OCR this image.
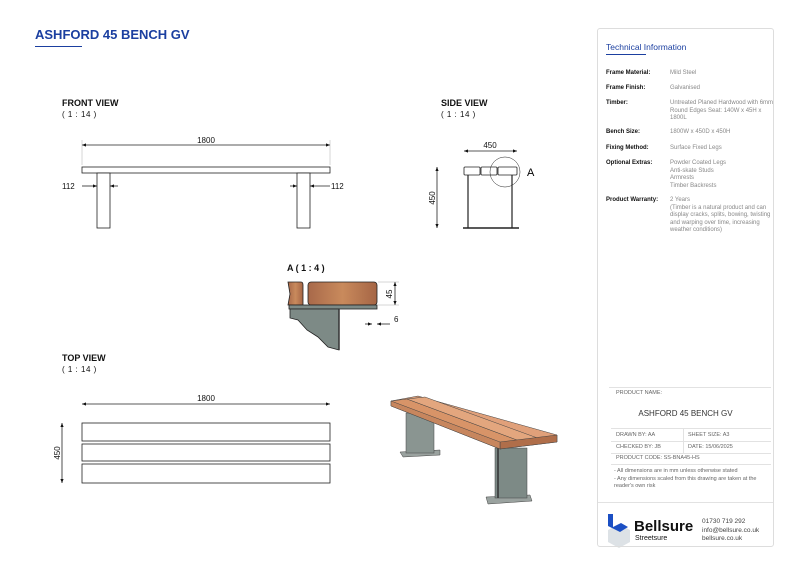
ASHFORD 45 BENCH GV
FRONT VIEW
( 1 : 14 )
SIDE VIEW
( 1 : 14 )
A ( 1 : 4 )
TOP VIEW
( 1 : 14 )
1800
112	112
450
450
A
45
6
1800
450
Technical Information
Frame Material:	Mild Steel
Frame Finish:	Galvanised
Timber:	Untreated Planed Hardwood with 6mm Round Edges Seat: 140W x 45H x 1800L
Bench Size:	1800W x 450D x 450H
Fixing Method:	Surface Fixed Legs
Optional Extras:	Powder Coated Legs
Anti-skate Studs
Armrests
Timber Backrests
Product Warranty:	2 Years
(Timber is a natural product and can display cracks, splits, bowing, twisting and warping over time, increasing weather conditions)
PRODUCT NAME:
ASHFORD 45 BENCH GV
DRAWN BY: AA	SHEET SIZE: A3
CHECKED BY: JB	DATE: 15/06/2025
PRODUCT CODE: SS-BNA45-HS
- All dimensions are in mm unless otherwise stated
- Any dimensions scaled from this drawing are taken at the reader's own risk
Bellsure
Streetsure
01730 719 292
info@bellsure.co.uk
bellsure.co.uk
